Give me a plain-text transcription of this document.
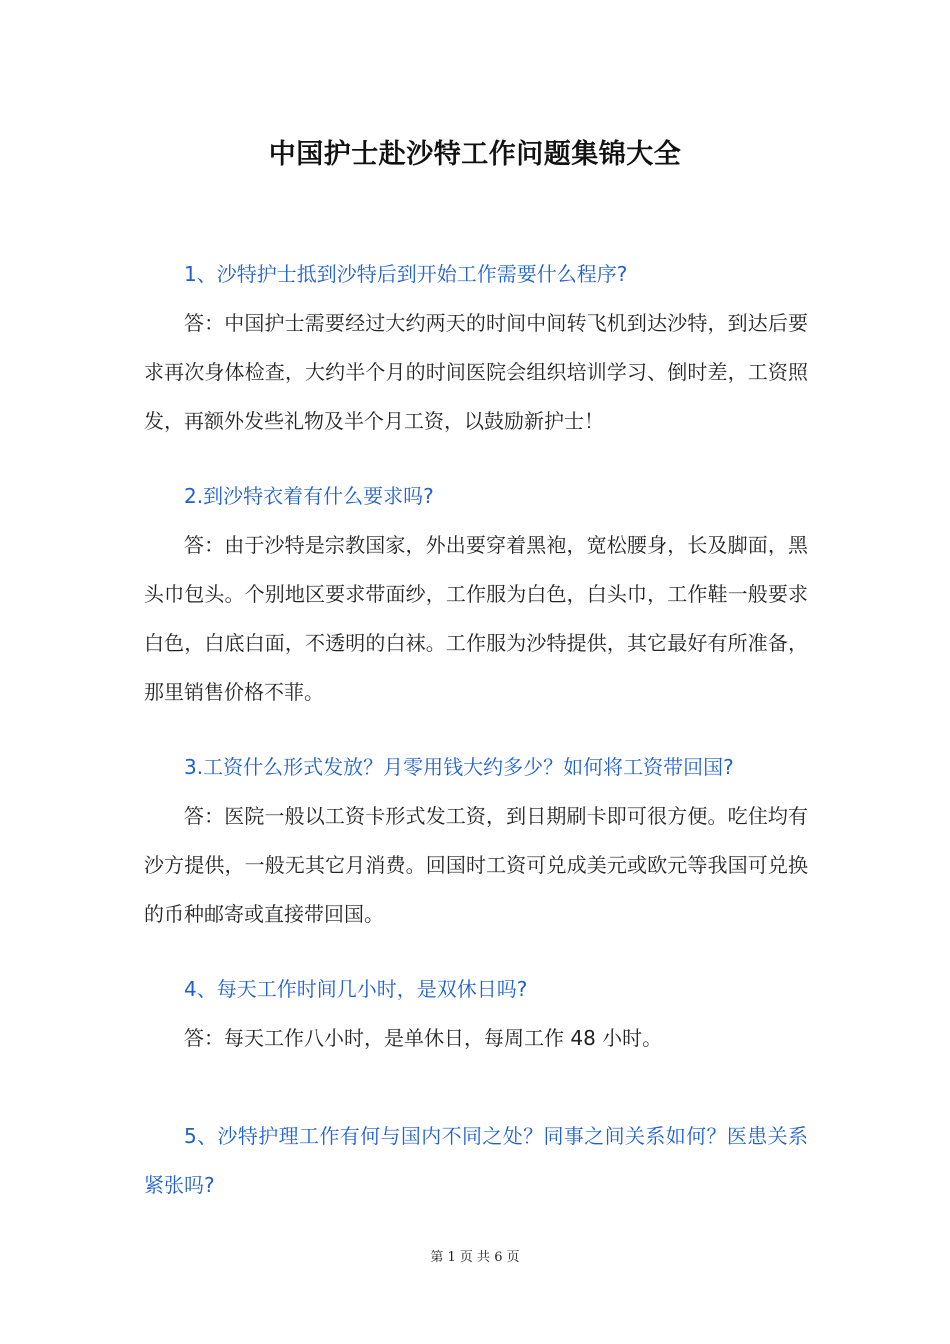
中国护士赴沙特工作问题集锦大全

1、沙特护士抵到沙特后到开始工作需要什么程序?

答：中国护士需要经过大约两天的时间中间转飞机到达沙特，到达后要求再次身体检查，大约半个月的时间医院会组织培训学习、倒时差，工资照发，再额外发些礼物及半个月工资，以鼓励新护士！

2.到沙特衣着有什么要求吗?

答：由于沙特是宗教国家，外出要穿着黑袍，宽松腰身，长及脚面，黑头巾包头。个别地区要求带面纱，工作服为白色，白头巾，工作鞋一般要求白色，白底白面，不透明的白袜。工作服为沙特提供，其它最好有所准备，那里销售价格不菲。

3.工资什么形式发放？月零用钱大约多少？如何将工资带回国?

答：医院一般以工资卡形式发工资，到日期刷卡即可很方便。吃住均有沙方提供，一般无其它月消费。回国时工资可兑成美元或欧元等我国可兑换的币种邮寄或直接带回国。

4、每天工作时间几小时，是双休日吗?

答：每天工作八小时，是单休日，每周工作 48 小时。

5、沙特护理工作有何与国内不同之处？同事之间关系如何？医患关系紧张吗?

第 1 页 共 6 页
